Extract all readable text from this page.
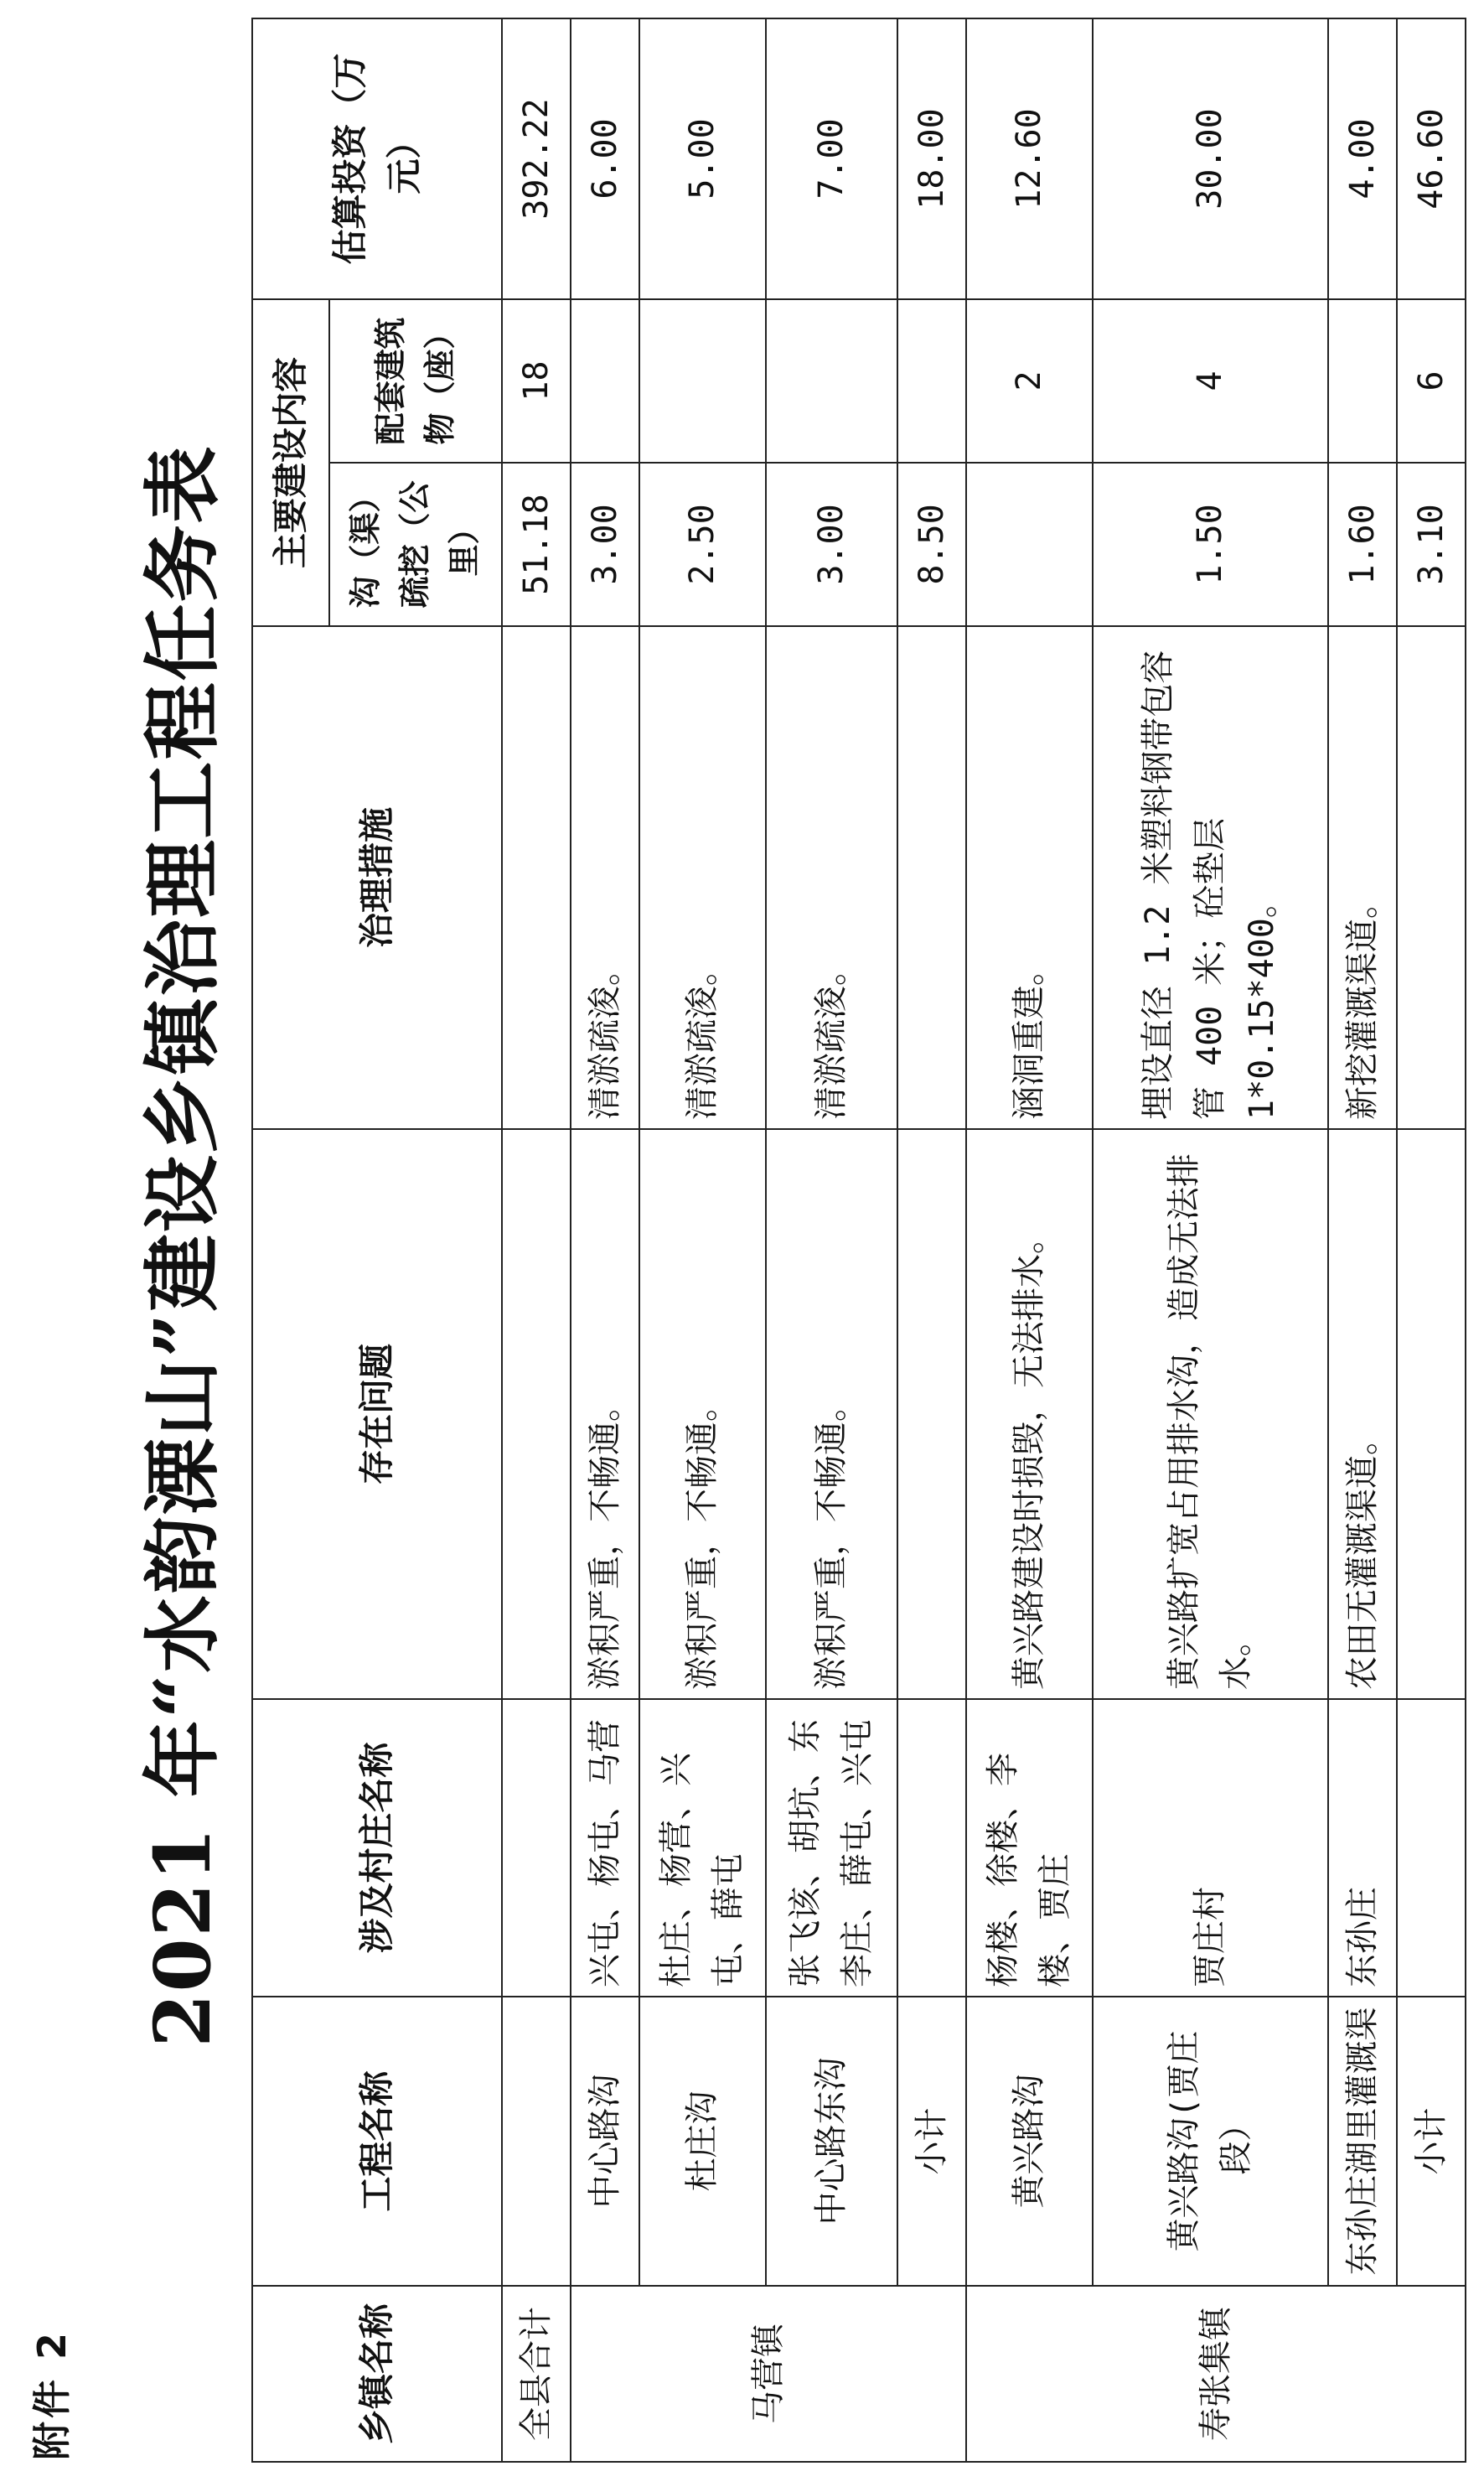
附件 2
2021 年“水韵溧山”建设乡镇治理工程任务表
乡镇名称	工程名称	涉及村庄名称	存在问题	治理措施	主要建设内容		估算投资（万元）
					沟（渠）疏挖（公里）	配套建筑物（座）	
全县合计					51.18	18	392.22
马营镇	中心路沟	兴屯、杨屯、马营	淤积严重，不畅通。	清淤疏浚。	3.00		6.00
	杜庄沟	杜庄、杨营、兴屯、薛屯	淤积严重，不畅通。	清淤疏浚。	2.50		5.00
	中心路东沟	张飞该、胡坑、东李庄、薛屯、兴屯	淤积严重，不畅通。	清淤疏浚。	3.00		7.00
	小计				8.50		18.00
寿张集镇	黄兴路沟	杨楼、徐楼、李楼、贾庄	黄兴路建设时损毁，无法排水。	涵洞重建。		2	12.60
	黄兴路沟(贾庄段）	贾庄村	黄兴路扩宽占用排水沟，造成无法排水。	埋设直径 1.2 米塑料钢带包容管 400 米；砼垫层 1*0.15*400。	1.50	4	30.00
	东孙庄湖里灌溉渠	东孙庄	农田无灌溉渠道。	新挖灌溉渠道。	1.60		4.00
	小计				3.10	6	46.60
